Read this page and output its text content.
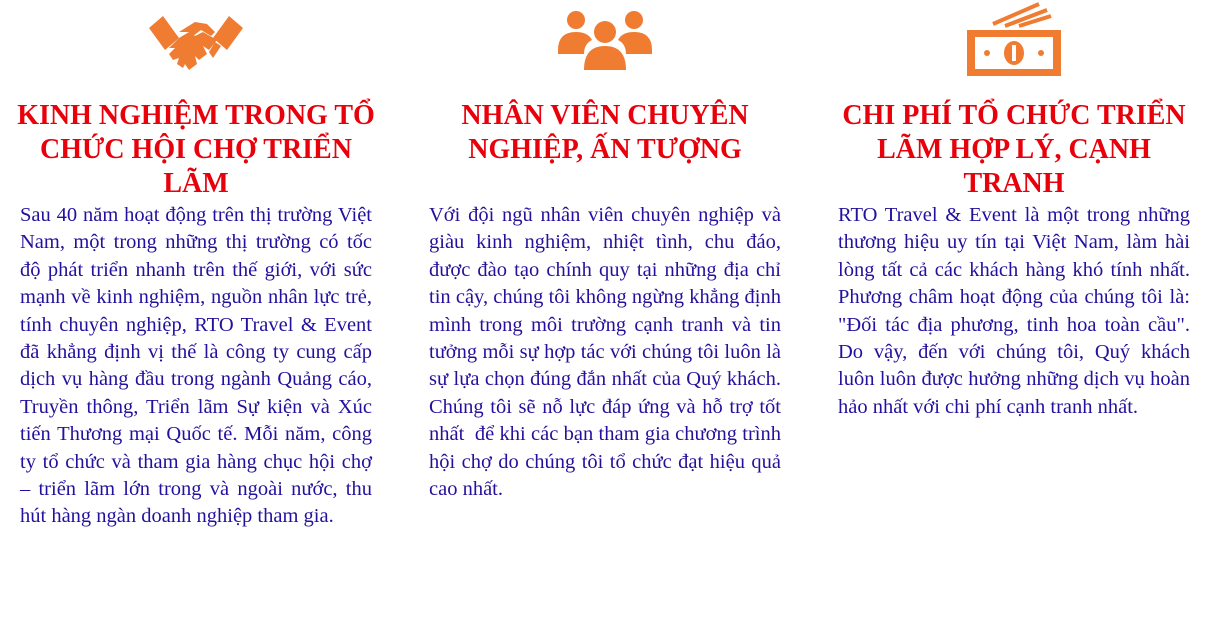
KINH NGHIỆM TRONG TỔ CHỨC HỘI CHỢ TRIỂN LÃM

Sau 40 năm hoạt động trên thị trường Việt Nam, một trong những thị trường có tốc độ phát triển nhanh trên thế giới, với sức mạnh về kinh nghiệm, nguồn nhân lực trẻ, tính chuyên nghiệp, RTO Travel & Event đã khẳng định vị thế là công ty cung cấp dịch vụ hàng đầu trong ngành Quảng cáo, Truyền thông, Triển lãm Sự kiện và Xúc tiến Thương mại Quốc tế. Mỗi năm, công ty tổ chức và tham gia hàng chục hội chợ – triển lãm lớn trong và ngoài nước, thu hút hàng ngàn doanh nghiệp tham gia.

NHÂN VIÊN CHUYÊN NGHIỆP, ẤN TƯỢNG

Với đội ngũ nhân viên chuyên nghiệp và giàu kinh nghiệm, nhiệt tình, chu đáo, được đào tạo chính quy tại những địa chỉ tin cậy, chúng tôi không ngừng khẳng định mình trong môi trường cạnh tranh và tin tưởng mỗi sự hợp tác với chúng tôi luôn là sự lựa chọn đúng đắn nhất của Quý khách. Chúng tôi sẽ nỗ lực đáp ứng và hỗ trợ tốt nhất  để khi các bạn tham gia chương trình hội chợ do chúng tôi tổ chức đạt hiệu quả cao nhất.

CHI PHÍ TỔ CHỨC TRIỂN LÃM HỢP LÝ, CẠNH TRANH

RTO Travel & Event là một trong những thương hiệu uy tín tại Việt Nam, làm hài lòng tất cả các khách hàng khó tính nhất. Phương châm hoạt động của chúng tôi là: "Đối tác địa phương, tinh hoa toàn cầu". Do vậy, đến với chúng tôi, Quý khách luôn luôn được hưởng những dịch vụ hoàn hảo nhất với chi phí cạnh tranh nhất.
